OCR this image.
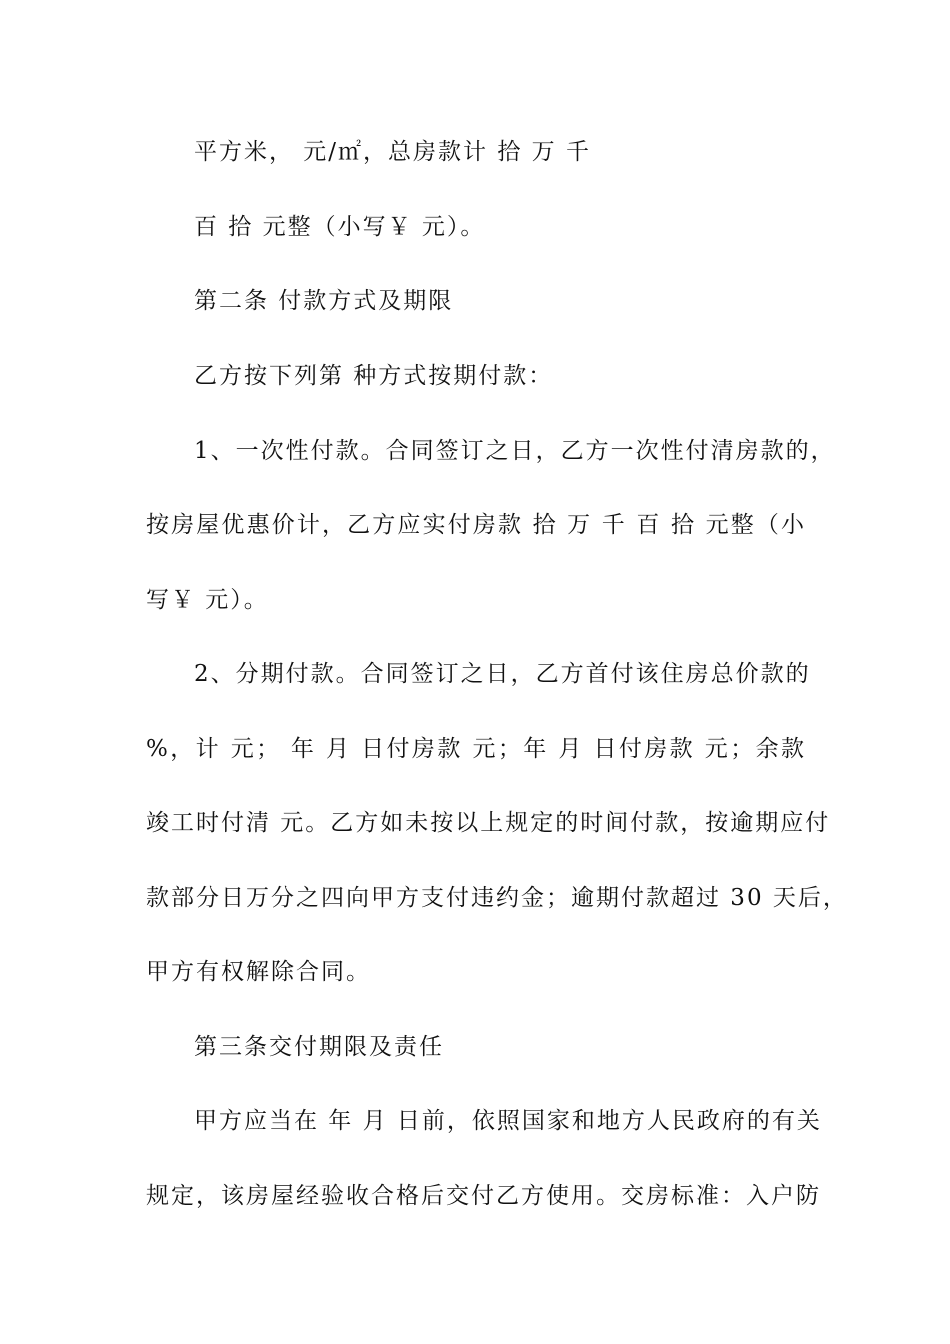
平方米， 元/㎡，总房款计 拾 万 千
百 拾 元整（小写￥ 元）。
第二条 付款方式及期限
乙方按下列第 种方式按期付款：
1、一次性付款。合同签订之日，乙方一次性付清房款的，
按房屋优惠价计，乙方应实付房款 拾 万 千 百 拾 元整（小
写￥ 元）。
2、分期付款。合同签订之日，乙方首付该住房总价款的
%，计 元； 年 月 日付房款 元；年 月 日付房款 元；余款
竣工时付清 元。乙方如未按以上规定的时间付款，按逾期应付
款部分日万分之四向甲方支付违约金；逾期付款超过 30 天后，
甲方有权解除合同。
第三条交付期限及责任
甲方应当在 年 月 日前，依照国家和地方人民政府的有关
规定，该房屋经验收合格后交付乙方使用。交房标准：入户防
